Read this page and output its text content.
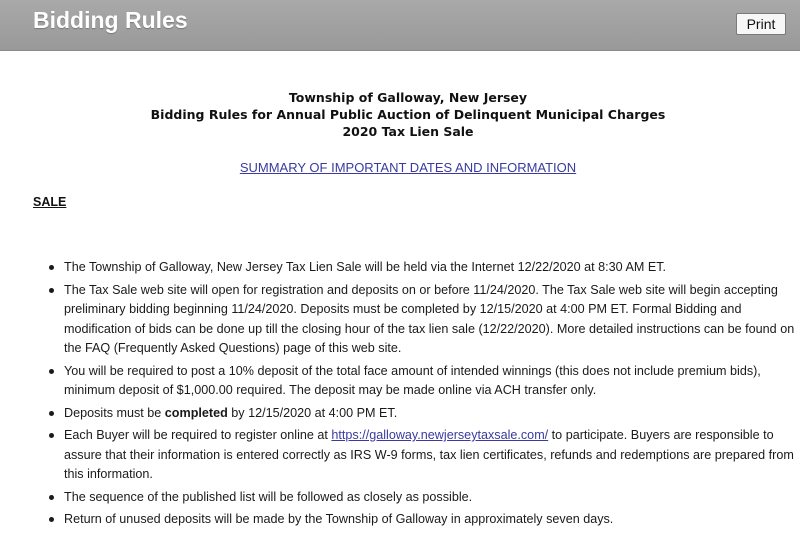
Bidding Rules	Print
Township of Galloway, New Jersey
Bidding Rules for Annual Public Auction of Delinquent Municipal Charges
2020 Tax Lien Sale
SUMMARY OF IMPORTANT DATES AND INFORMATION
SALE
The Township of Galloway, New Jersey Tax Lien Sale will be held via the Internet 12/22/2020 at 8:30 AM ET.
The Tax Sale web site will open for registration and deposits on or before 11/24/2020. The Tax Sale web site will begin accepting preliminary bidding beginning 11/24/2020. Deposits must be completed by 12/15/2020 at 4:00 PM ET. Formal Bidding and modification of bids can be done up till the closing hour of the tax lien sale (12/22/2020). More detailed instructions can be found on the FAQ (Frequently Asked Questions) page of this web site.
You will be required to post a 10% deposit of the total face amount of intended winnings (this does not include premium bids), minimum deposit of $1,000.00 required. The deposit may be made online via ACH transfer only.
Deposits must be completed by 12/15/2020 at 4:00 PM ET.
Each Buyer will be required to register online at https://galloway.newjerseytaxsale.com/ to participate. Buyers are responsible to assure that their information is entered correctly as IRS W-9 forms, tax lien certificates, refunds and redemptions are prepared from this information.
The sequence of the published list will be followed as closely as possible.
Return of unused deposits will be made by the Township of Galloway in approximately seven days.
